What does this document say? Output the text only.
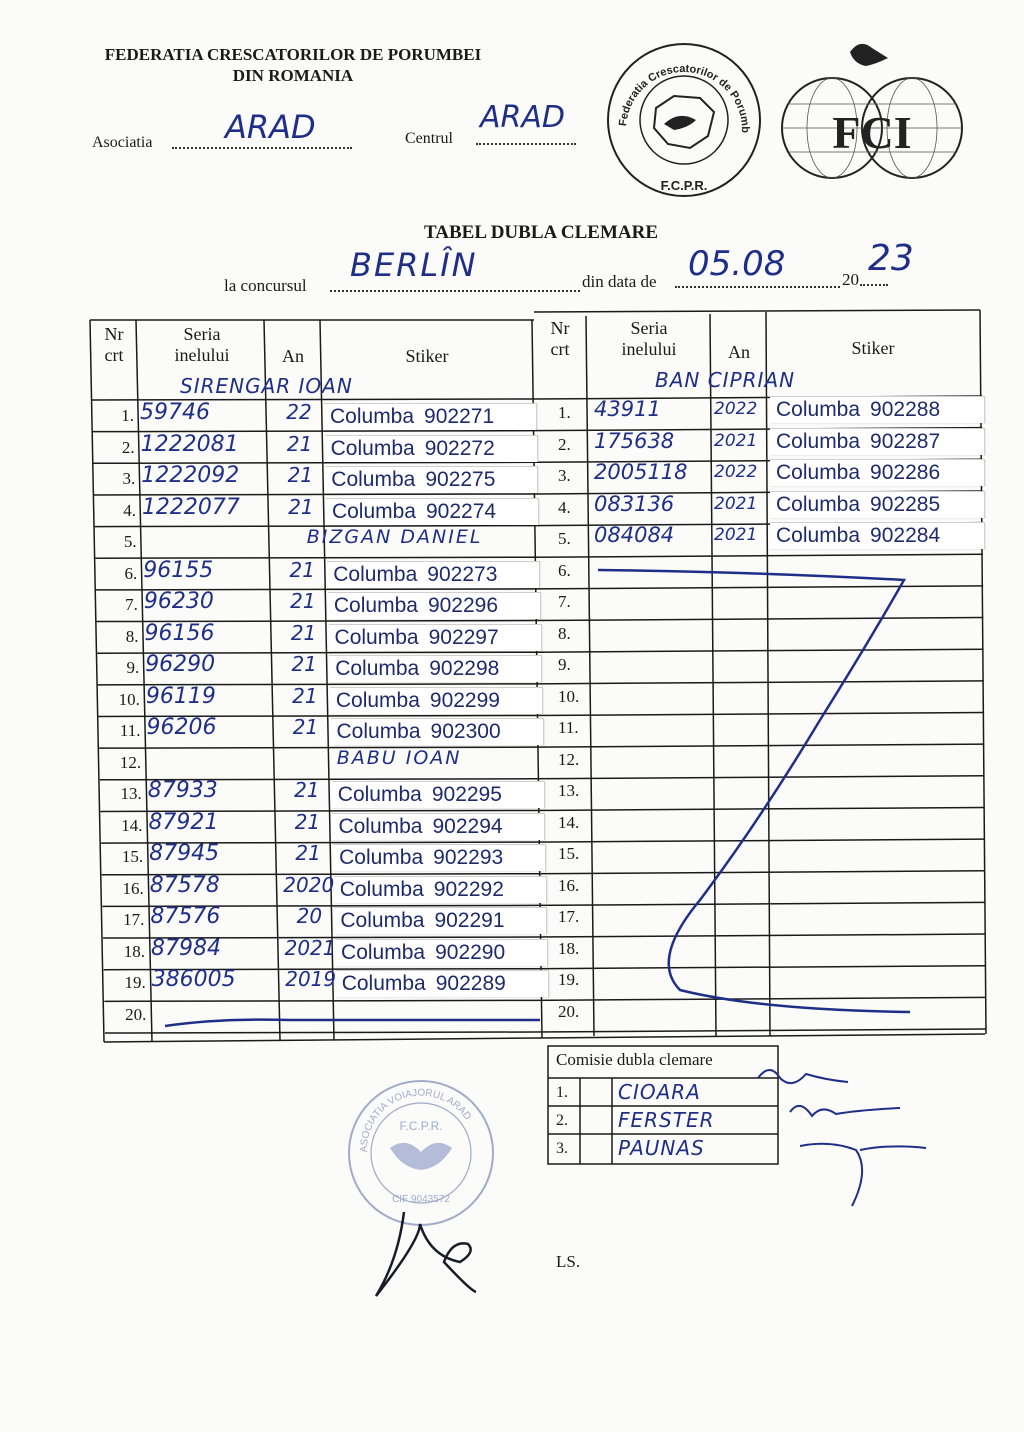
FEDERATIA CRESCATORILOR DE PORUMBEI
DIN ROMANIA
Asociatia ARAD	Centrul
ARAD	Federatia Crescatorilor de Porumb
F.C.P.R.
FCI
TABEL DUBLA CLEMARE
la concursul
BERLÎN	din data de 05.08	20
23
Nr
crt
Seria
inelului	An	Stiker
Nr
crt
Seria
inelului	An	Stiker
SIRENGAR IOAN	BAN CIPRIAN
1. 59746	22 Columba 902271
2. 1222081	21 Columba 902272
3. 1222092	21 Columba 902275
4. 1222077	21 Columba 902274
5.	BIZGAN DANIEL
6. 96155	21 Columba 902273
7. 96230	21 Columba 902296
8. 96156	21 Columba 902297
9. 96290	21 Columba 902298
10. 96119	21 Columba 902299
11. 96206	21 Columba 902300
12.	BABU IOAN
13. 87933	21 Columba 902295
14. 87921	21 Columba 902294
15. 87945	21 Columba 902293
16. 87578	2020 Columba 902292
17. 87576	20 Columba 902291
18. 87984	2021 Columba 902290
19. 386005 2019 Columba 902289
20.
1.	43911	2022 Columba 902288
2.	175638 2021 Columba 902287
3.	2005118 2022 Columba 902286
4.	083136 2021 Columba 902285
5.	084084 2021 Columba 902284
6.
7.
8.
9.
10.
11.
12.
13.
14.
15.
16.
17.
18.
19.
20.
Comisie dubla clemare
1.	CIOARA
2.	FERSTER
3.	PAUNAS
ASOCIATIA VOIAJORUL ARAD
F.C.P.R.
CIF 9043572
LS.
